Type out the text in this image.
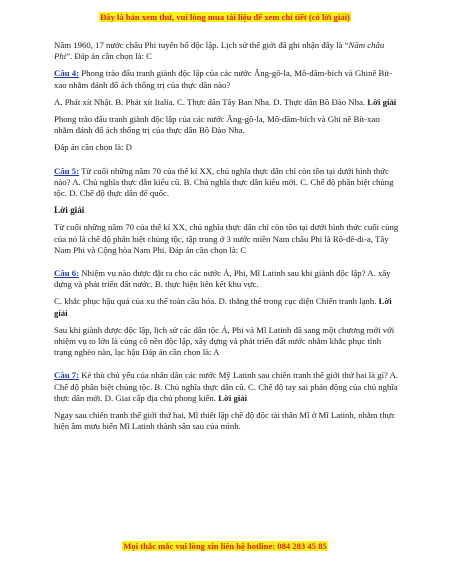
Đây là bản xem thử, vui lòng mua tài liệu để xem chi tiết (có lời giải)

Năm 1960, 17 nước châu Phi tuyên bố độc lập. Lịch sử thế giới đã ghi nhận đây là “Năm châu Phi”. Đáp án cần chọn là: C

Câu 4: Phong trào đấu tranh giành độc lập của các nước Ăng-gô-la, Mô-dăm-bích và Ghinê Bít-xao nhằm đánh đổ ách thống trị của thực dân nào?

A. Phát xít Nhật. B. Phát xít Italia. C. Thực dân Tây Ban Nha. D. Thực dân Bồ Đào Nha. Lời giải

Phong trào đấu tranh giành độc lập của các nước Ăng-gô-la, Mô-dăm-bích và Ghi nê Bít-xao nhằm đánh đổ ách thống trị của thực dân Bồ Đào Nha.

Đáp án cần chọn là: D

Câu 5: Từ cuối những năm 70 của thế kỉ XX, chủ nghĩa thực dân chỉ còn tồn tại dưới hình thức nào? A. Chủ nghĩa thực dân kiểu cũ. B. Chủ nghĩa thực dân kiểu mới. C. Chế độ phân biệt chủng tộc. D. Chế độ thực dân để quốc.

Lời giải

Từ cuối những năm 70 của thế kỉ XX, chủ nghĩa thực dân chỉ còn tồn tại dưới hình thức cuối cùng của nó là chế độ phân biệt chủng tộc, tập trung ở 3 nước miền Nam châu Phi là Rô-đê-di-a, Tây Nam Phi và Cộng hòa Nam Phi. Đáp án cần chọn là: C

Câu 6: Nhiệm vụ nào được đặt ra cho các nước Á, Phi, Mĩ Latinh sau khi giành độc lập? A. xây dựng và phát triển đất nước. B. thực hiện liên kết khu vực.

C. khắc phục hậu quả của xu thế toàn cầu hóa. D. thắng thế trong cục diện Chiến tranh lạnh. Lời giải

Sau khi giành được độc lập, lịch sử các dân tộc Á, Phi và Mĩ Latinh đã sang một chương mới với nhiệm vụ to lớn là củng cố nền độc lập, xây dựng và phát triển đất nước nhằm khắc phục tình trạng nghèo nàn, lạc hậu Đáp án cần chọn là: A

Câu 7: Kẻ thù chủ yếu của nhân dân các nước Mỹ Latinh sau chiến tranh thế giới thứ hai là gì? A. Chế độ phân biệt chủng tộc. B. Chủ nghĩa thực dân cũ. C. Chế độ tay sai phản động của chủ nghĩa thực dân mới. D. Giai cấp địa chủ phong kiến. Lời giải

Ngay sau chiến tranh thế giới thứ hai, Mĩ thiết lập chế độ độc tài thân Mĩ ở Mĩ Latinh, nhằm thực hiện âm mưu biến Mĩ Latinh thành sân sau của mình.

Mọi thắc mắc vui lòng xin liên hệ hotline: 084 283 45 85
